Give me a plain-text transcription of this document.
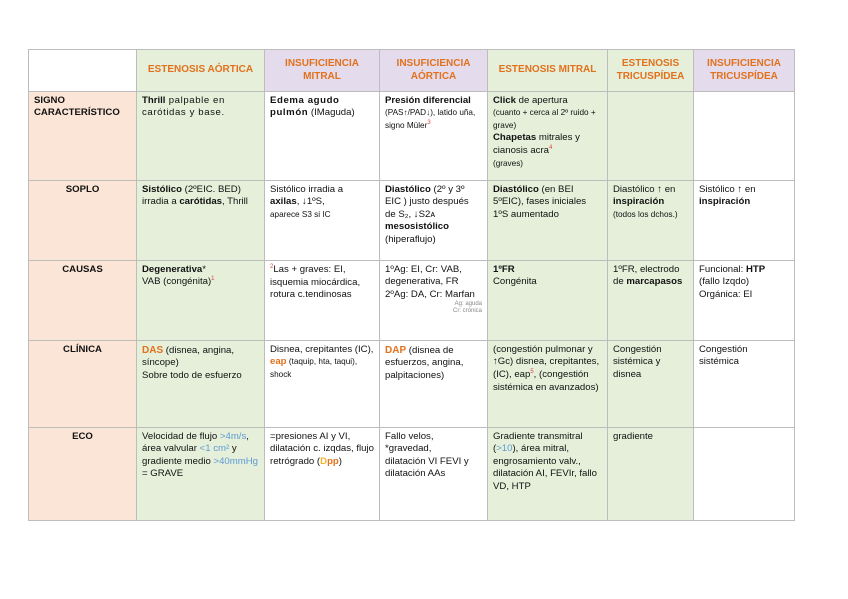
	ESTENOSIS AÓRTICA	INSUFICIENCIA MITRAL	INSUFICIENCIA AÓRTICA	ESTENOSIS MITRAL	ESTENOSIS TRICUSPÍDEA	INSUFICIENCIA TRICUSPÍDEA
SIGNO CARACTERÍSTICO	Thrill palpable en carótidas y base.	Edema agudo pulmón (IMaguda)	Presión diferencial
(PAS↑/PAD↓), latido uña, signo Müler$^3$	Click de apertura
(cuanto + cerca al 2º ruido + grave)
Chapetas mitrales y cianosis acra$^4$
(graves)		
SOPLO	Sistólico (2ºEIC. BED) irradia a carótidas, Thrill	Sistólico irradia a axilas, ↓1ºS,
aparece S3 si IC	Diastólico (2º y 3º EIC ) justo después de S₂, ↓S2ᴀ mesosistólico
(hiperaflujo)	Diastólico (en BEI 5ºEIC), fases iniciales 1ºS aumentado	Diastólico ↑ en inspiración
(todos los dchos.)	Sistólico ↑ en inspiración
CAUSAS	Degenerativa*
VAB (congénita)$^1$	$^2$Las + graves: EI, isquemia miocárdica, rotura c.tendinosas	1ºAg: EI, Cr: VAB, degenerativa, FR 2ºAg: DA, Cr: Marfan
Ag: aguda
Cr: crónica	1ºFR
Congénita	1ºFR, electrodo de marcapasos	Funcional: HTP
(fallo Izqdo)
Orgánica: EI
CLÍNICA	DAS (disnea, angina, síncope)
Sobre todo de esfuerzo	Disnea, crepitantes (IC),
eap (taquip, hta, taqui), shock	DAP (disnea de esfuerzos, angina, palpitaciones)	(congestión pulmonar y ↑Gc) disnea, crepitantes, (IC), eap$^5$, (congestión sistémica en avanzados)	Congestión sistémica y disnea	Congestión sistémica
ECO	Velocidad de flujo >4m/s, área valvular <1 cm² y gradiente medio >40mmHg = GRAVE	=presiones AI y VI, dilatación c. izqdas, flujo retrógrado (Dpp)	Fallo velos,
*gravedad,
dilatación VI FEVI y dilatación AAs	Gradiente transmitral (>10), área mitral, engrosamiento valv., dilatación AI, FEVIr, fallo VD, HTP	gradiente	
